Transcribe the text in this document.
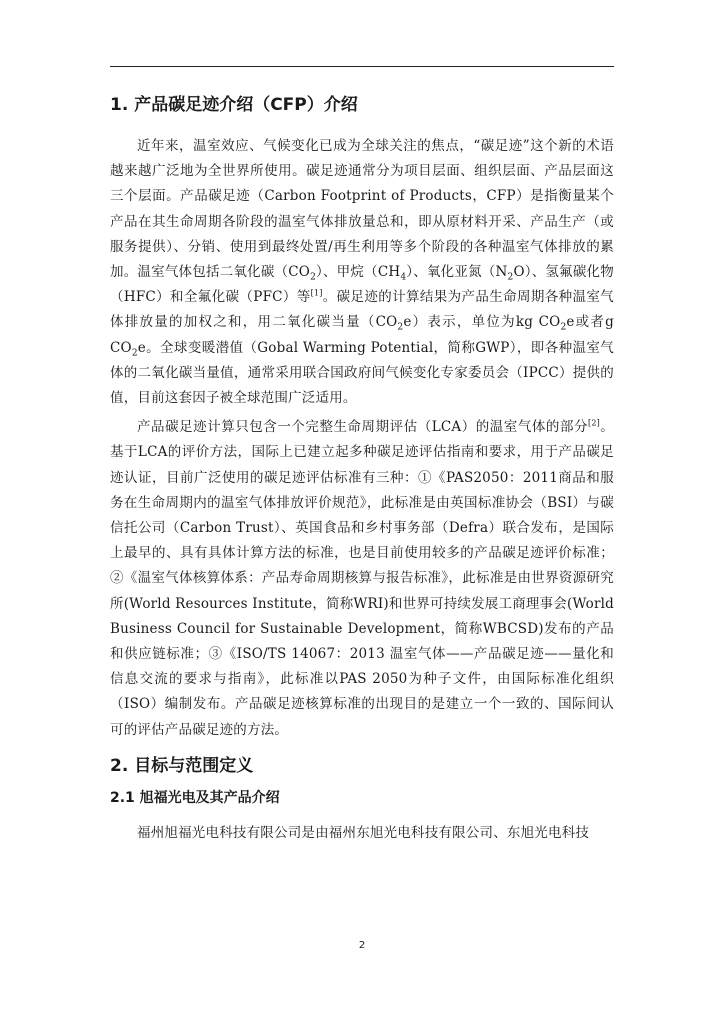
1. 产品碳足迹介绍（CFP）介绍

近年来，温室效应、气候变化已成为全球关注的焦点，“碳足迹”这个新的术语越来越广泛地为全世界所使用。碳足迹通常分为项目层面、组织层面、产品层面这三个层面。产品碳足迹（Carbon Footprint of Products，CFP）是指衡量某个产品在其生命周期各阶段的温室气体排放量总和，即从原材料开采、产品生产（或服务提供）、分销、使用到最终处置/再生利用等多个阶段的各种温室气体排放的累加。温室气体包括二氧化碳$(CO_2)$、甲烷$(CH_4)$、氧化亚氮$(N_2O)$、氢氟碳化物（HFC）和全氟化碳（PFC）等[1]。碳足迹的计算结果为产品生命周期各种温室气体排放量的加权之和，用二氧化碳当量$(CO_2e)$表示，单位为kg $CO_2e$或者g $CO_2e$。全球变暖潜值（Gobal Warming Potential，简称GWP），即各种温室气体的二氧化碳当量值，通常采用联合国政府间气候变化专家委员会（IPCC）提供的值，目前这套因子被全球范围广泛适用。

产品碳足迹计算只包含一个完整生命周期评估（LCA）的温室气体的部分[2]。基于LCA的评价方法，国际上已建立起多种碳足迹评估指南和要求，用于产品碳足迹认证，目前广泛使用的碳足迹评估标准有三种：①《PAS2050：2011商品和服务在生命周期内的温室气体排放评价规范》，此标准是由英国标准协会（BSI）与碳信托公司（Carbon Trust）、英国食品和乡村事务部（Defra）联合发布，是国际上最早的、具有具体计算方法的标准，也是目前使用较多的产品碳足迹评价标准；②《温室气体核算体系：产品寿命周期核算与报告标准》，此标准是由世界资源研究所(World Resources Institute，简称WRI)和世界可持续发展工商理事会(World Business Council for Sustainable Development，简称WBCSD)发布的产品和供应链标准；③《ISO/TS 14067：2013 温室气体——产品碳足迹——量化和信息交流的要求与指南》，此标准以PAS 2050为种子文件，由国际标准化组织（ISO）编制发布。产品碳足迹核算标准的出现目的是建立一个一致的、国际间认可的评估产品碳足迹的方法。

2. 目标与范围定义
2.1 旭福光电及其产品介绍

福州旭福光电科技有限公司是由福州东旭光电科技有限公司、东旭光电科技

2
